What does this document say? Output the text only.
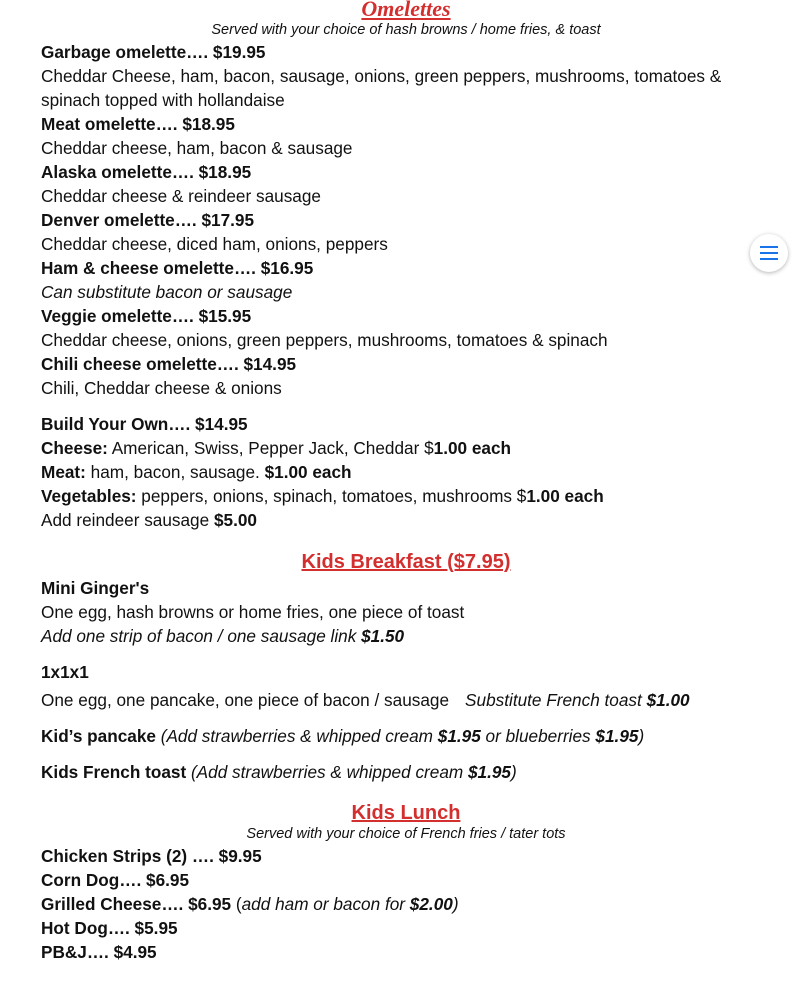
Omelettes
Served with your choice of hash browns / home fries, & toast
Garbage omelette…. $19.95
Cheddar Cheese, ham, bacon, sausage, onions, green peppers, mushrooms, tomatoes & spinach topped with hollandaise
Meat omelette…. $18.95
Cheddar cheese, ham, bacon & sausage
Alaska omelette…. $18.95
Cheddar cheese & reindeer sausage
Denver omelette…. $17.95
Cheddar cheese, diced ham, onions, peppers
Ham & cheese omelette…. $16.95
Can substitute bacon or sausage
Veggie omelette…. $15.95
Cheddar cheese, onions, green peppers, mushrooms, tomatoes & spinach
Chili cheese omelette…. $14.95
Chili, Cheddar cheese & onions
Build Your Own…. $14.95
Cheese: American, Swiss, Pepper Jack, Cheddar $1.00 each
Meat: ham, bacon, sausage. $1.00 each
Vegetables: peppers, onions, spinach, tomatoes, mushrooms $1.00 each
Add reindeer sausage $5.00
Kids Breakfast ($7.95)
Mini Ginger's
One egg, hash browns or home fries, one piece of toast
Add one strip of bacon / one sausage link $1.50
1x1x1
One egg, one pancake, one piece of bacon / sausage Substitute French toast $1.00
Kid’s pancake (Add strawberries & whipped cream $1.95 or blueberries $1.95)
Kids French toast (Add strawberries & whipped cream $1.95)
Kids Lunch
Served with your choice of French fries / tater tots
Chicken Strips (2) …. $9.95
Corn Dog…. $6.95
Grilled Cheese…. $6.95 (add ham or bacon for $2.00)
Hot Dog…. $5.95
PB&J…. $4.95
